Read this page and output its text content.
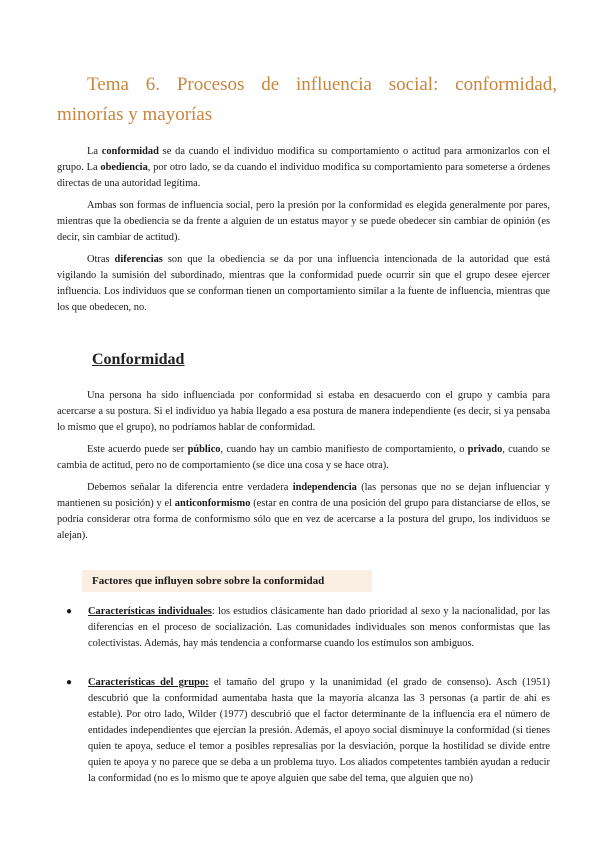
Tema 6. Procesos de influencia social: conformidad,
minorías y mayorías

La conformidad se da cuando el individuo modifica su comportamiento o actitud para armonizarlos con el grupo. La obediencia, por otro lado, se da cuando el individuo modifica su comportamiento para someterse a órdenes directas de una autoridad legítima.

Ambas son formas de influencia social, pero la presión por la conformidad es elegida generalmente por pares, mientras que la obediencia se da frente a alguien de un estatus mayor y se puede obedecer sin cambiar de opinión (es decir, sin cambiar de actitud).

Otras diferencias son que la obediencia se da por una influencia intencionada de la autoridad que está vigilando la sumisión del subordinado, mientras que la conformidad puede ocurrir sin que el grupo desee ejercer influencia. Los individuos que se conforman tienen un comportamiento similar a la fuente de influencia, mientras que los que obedecen, no.

Conformidad

Una persona ha sido influenciada por conformidad si estaba en desacuerdo con el grupo y cambia para acercarse a su postura. Si el individuo ya había llegado a esa postura de manera independiente (es decir, si ya pensaba lo mismo que el grupo), no podríamos hablar de conformidad.

Este acuerdo puede ser público, cuando hay un cambio manifiesto de comportamiento, o privado, cuando se cambia de actitud, pero no de comportamiento (se dice una cosa y se hace otra).

Debemos señalar la diferencia entre verdadera independencia (las personas que no se dejan influenciar y mantienen su posición) y el anticonformismo (estar en contra de una posición del grupo para distanciarse de ellos, se podría considerar otra forma de conformismo sólo que en vez de acercarse a la postura del grupo, los individuos se alejan).

Factores que influyen sobre sobre la conformidad
● Características individuales: los estudios clásicamente han dado prioridad al sexo y la nacionalidad, por las diferencias en el proceso de socialización. Las comunidades individuales son menos conformistas que las colectivistas. Además, hay más tendencia a conformarse cuando los estímulos son ambiguos.
● Características del grupo: el tamaño del grupo y la unanimidad (el grado de consenso). Asch (1951) descubrió que la conformidad aumentaba hasta que la mayoría alcanza las 3 personas (a partir de ahí es estable). Por otro lado, Wilder (1977) descubrió que el factor determinante de la influencia era el número de entidades independientes que ejercían la presión. Además, el apoyo social disminuye la conformidad (si tienes quien te apoya, seduce el temor a posibles represalias por la desviación, porque la hostilidad se divide entre quien te apoya y no parece que se deba a un problema tuyo. Los aliados competentes también ayudan a reducir la conformidad (no es lo mismo que te apoye alguien que sabe del tema, que alguien que no)
